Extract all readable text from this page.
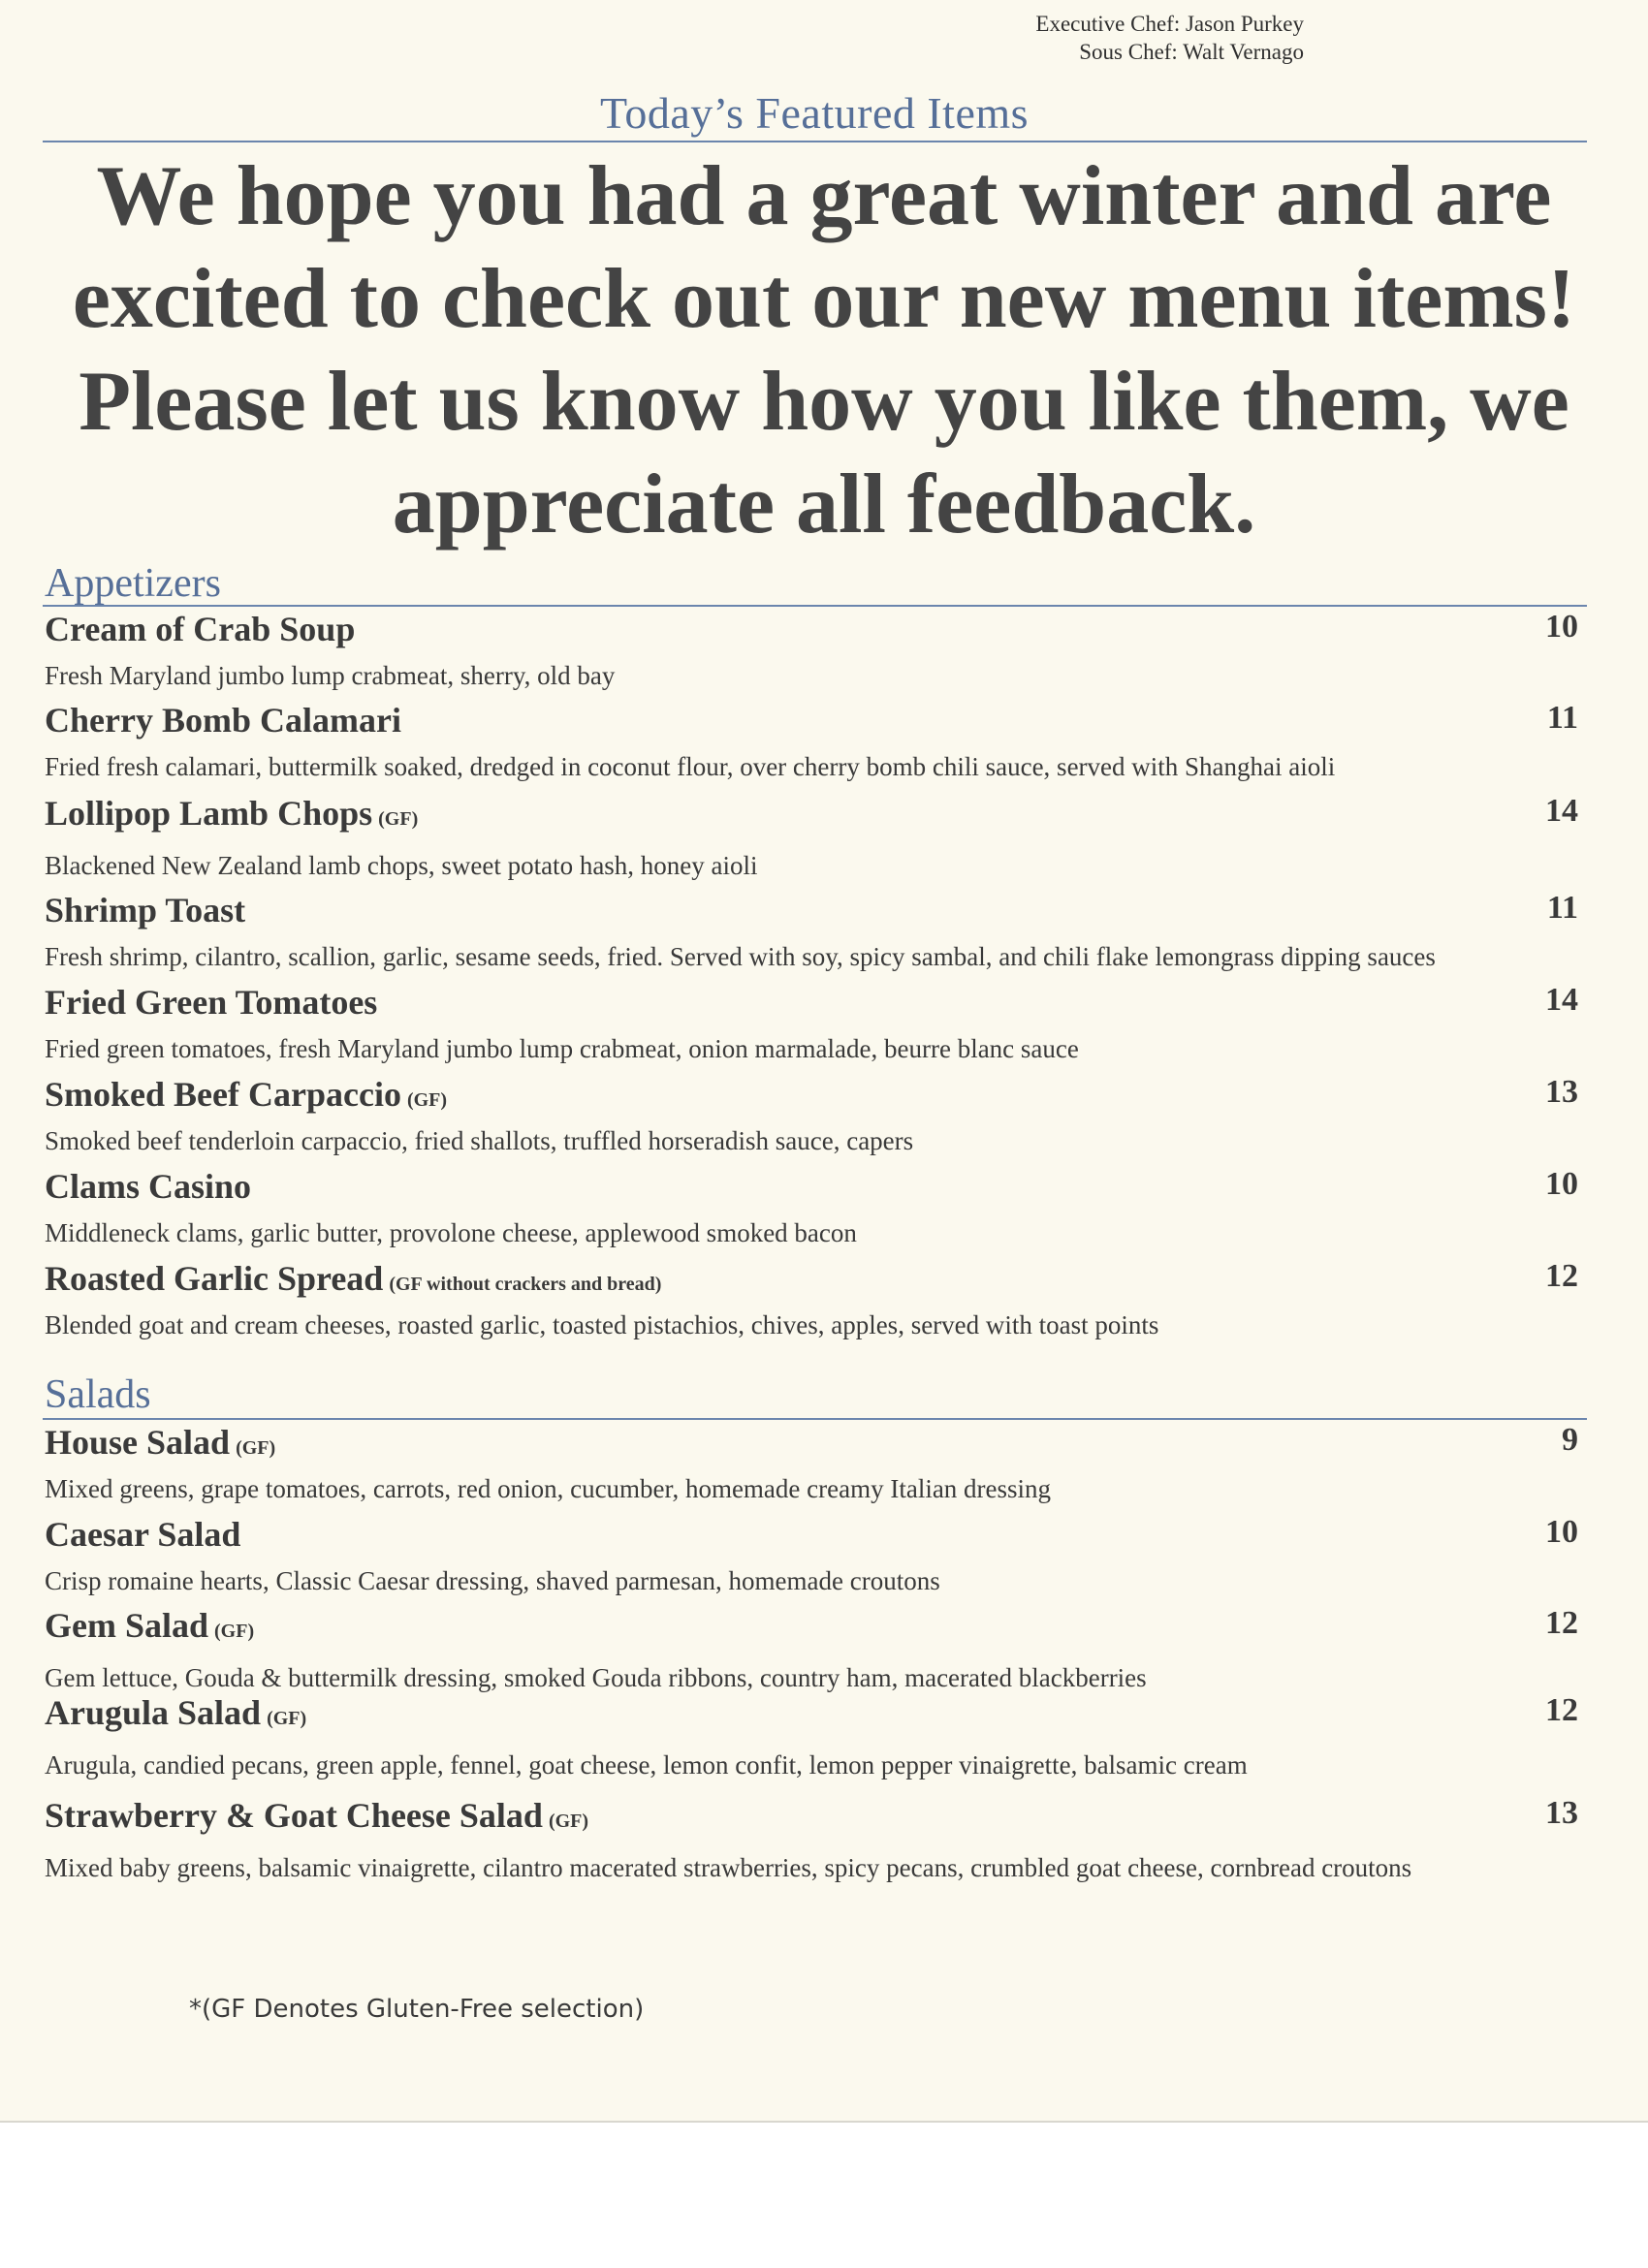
Executive Chef: Jason Purkey
Sous Chef: Walt Vernago
Today’s Featured Items

We hope you had a great winter and are excited to check out our new menu items! Please let us know how you like them, we appreciate all feedback.

Appetizers
Cream of Crab Soup
Fresh Maryland jumbo lump crabmeat, sherry, old bay
10
Cherry Bomb Calamari
Fried fresh calamari, buttermilk soaked, dredged in coconut flour, over cherry bomb chili sauce, served with Shanghai aioli
11
Lollipop Lamb Chops (GF)
Blackened New Zealand lamb chops, sweet potato hash, honey aioli
14
Shrimp Toast
Fresh shrimp, cilantro, scallion, garlic, sesame seeds, fried. Served with soy, spicy sambal, and chili flake lemongrass dipping sauces
11
Fried Green Tomatoes
Fried green tomatoes, fresh Maryland jumbo lump crabmeat, onion marmalade, beurre blanc sauce
14
Smoked Beef Carpaccio (GF)
Smoked beef tenderloin carpaccio, fried shallots, truffled horseradish sauce, capers
13
Clams Casino
Middleneck clams, garlic butter, provolone cheese, applewood smoked bacon
10
Roasted Garlic Spread (GF without crackers and bread)
Blended goat and cream cheeses, roasted garlic, toasted pistachios, chives, apples, served with toast points
12
Salads
House Salad (GF)
Mixed greens, grape tomatoes, carrots, red onion, cucumber, homemade creamy Italian dressing
9
Caesar Salad
Crisp romaine hearts, Classic Caesar dressing, shaved parmesan, homemade croutons
10
Gem Salad (GF)
Gem lettuce, Gouda & buttermilk dressing, smoked Gouda ribbons, country ham, macerated blackberries
12
Arugula Salad (GF)
Arugula, candied pecans, green apple, fennel, goat cheese, lemon confit, lemon pepper vinaigrette, balsamic cream
12
Strawberry & Goat Cheese Salad (GF)
Mixed baby greens, balsamic vinaigrette, cilantro macerated strawberries, spicy pecans, crumbled goat cheese, cornbread croutons
13
*(GF Denotes Gluten-Free selection)
